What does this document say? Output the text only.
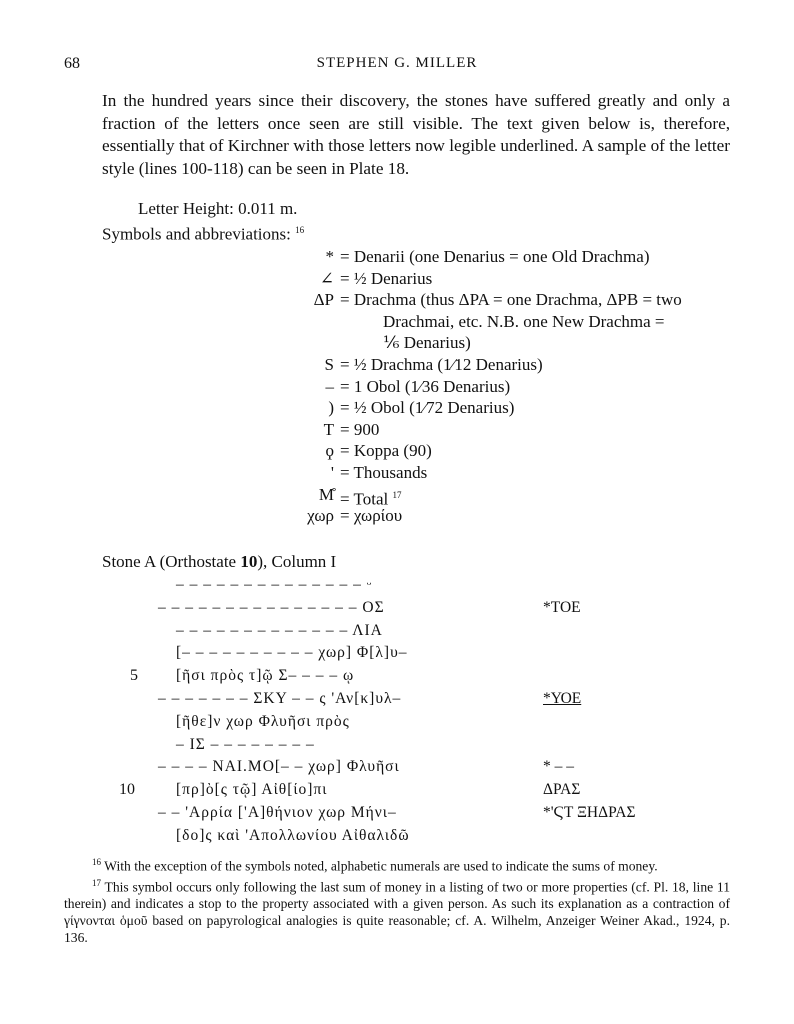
68	STEPHEN G. MILLER

In the hundred years since their discovery, the stones have suffered greatly and only a fraction of the letters once seen are still visible. The text given below is, therefore, essentially that of Kirchner with those letters now legible underlined. A sample of the letter style (lines 100-118) can be seen in Plate 18.

Letter Height: 0.011 m.
Symbols and abbreviations: $^{16}$
* = Denarii (one Denarius = one Old Drachma)
∠ = ½ Denarius
ΔP = Drachma (thus ΔPA = one Drachma, ΔPB = two
Drachmai, etc. N.B. one New Drachma =
⅙ Denarius)
S = ½ Drachma (1⁄12 Denarius)
– = 1 Obol (1⁄36 Denarius)
) = ½ Obol (1⁄72 Denarius)
T = 900
ϙ = Koppa (90)
' = Thousands
M̊ = Total $^{17}$
χωρ = χωρίου
Stone A (Orthostate 10), Column I
– – – – – – – – – – – – – – ᵕ
– – – – – – – – – – – – – – – ΟΣ	*ΤΟΕ
– – – – – – – – – – – – – ΛΙΑ
[– – – – – – – – – – χωρ] Φ[λ]υ–
5 [ῆσι πρὸς τ]ῷ Σ– – – – ῳ
– – – – – – – ΣΚΥ – – ς 'Αν[κ]υλ–	*ΥΟΕ
[ῆθε]ν χωρ Φλυῆσι πρὸς
– ΙΣ – – – – – – – –
– – – – ΝΑΙ.ΜΟ[– – χωρ] Φλυῆσι	* – –
10	[πρ]ὸ[ς τῷ] Αἰθ[ίο]πι	ΔΡΑΣ
– – 'Αρρία ['Α]θήνιον χωρ Μήνι–	*'ϚΤ ΞΗΔΡΑΣ
[δο]ς καὶ 'Απολλωνίου Αἰθαλιδῶ

$^{16}$ With the exception of the symbols noted, alphabetic numerals are used to indicate the sums of money.

$^{17}$ This symbol occurs only following the last sum of money in a listing of two or more properties (cf. Pl. 18, line 11 therein) and indicates a stop to the property associated with a given person. As such its explanation as a contraction of γίγνονται ὁμοῦ based on papyrological analogies is quite reasonable; cf. A. Wilhelm, Anzeiger Weiner Akad., 1924, p. 136.
